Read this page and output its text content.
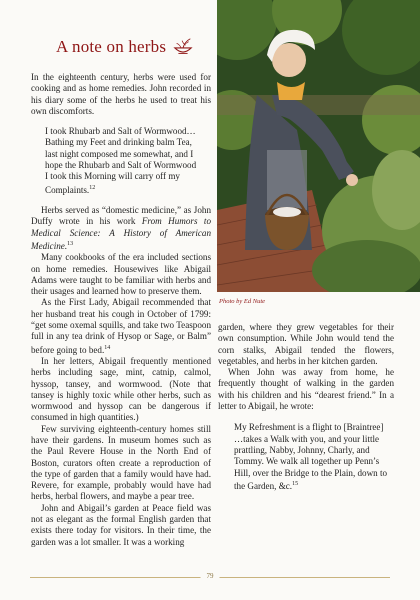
A note on herbs

In the eighteenth century, herbs were used for cooking and as home remedies. John recorded in his diary some of the herbs he used to treat his own discomforts.

I took Rhubarb and Salt of Wormwood… Bathing my Feet and drinking balm Tea, last night composed me somewhat, and I hope the Rhubarb and Salt of Wormwood I took this Morning will carry off my Complaints.$^{12}$

Herbs served as “domestic medicine,” as John Duffy wrote in his work From Humors to Medical Science: A History of American Medicine.$^{13}$

Many cookbooks of the era included sections on home remedies. Housewives like Abigail Adams were taught to be familiar with herbs and their usages and learned how to preserve them.

As the First Lady, Abigail recommended that her husband treat his cough in October of 1799: “get some oxemal squills, and take two Teaspoon full in any tea drink of Hysop or Sage, or Balm” before going to bed.$^{14}$

In her letters, Abigail frequently mentioned herbs including sage, mint, catnip, calmol, hyssop, tansey, and wormwood. (Note that tansey is highly toxic while other herbs, such as wormwood and hyssop can be dangerous if consumed in high quantities.)

Few surviving eighteenth-century homes still have their gardens. In museum homes such as the Paul Revere House in the North End of Boston, curators often create a reproduction of the type of garden that a family would have had. Revere, for example, probably would have had herbs, herbal flowers, and maybe a pear tree.

John and Abigail’s garden at Peace field was not as elegant as the formal English garden that exists there today for visitors. In their time, the garden was a lot smaller. It was a working

Photo by Ed Nute

garden, where they grew vegetables for their own consumption. While John would tend the corn stalks, Abigail tended the flowers, vegetables, and herbs in her kitchen garden.

When John was away from home, he frequently thought of walking in the garden with his children and his “dearest friend.” In a letter to Abigail, he wrote:

My Refreshment is a flight to [Braintree] …takes a Walk with you, and your little prattling, Nabby, Johnny, Charly, and Tommy. We walk all together up Penn’s Hill, over the Bridge to the Plain, down to the Garden, &c.$^{15}$

79
